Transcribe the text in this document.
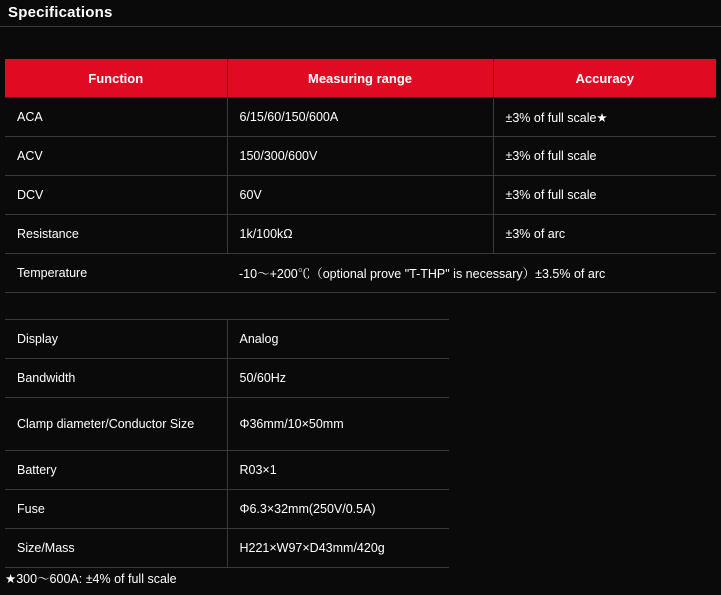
Specifications
Function	Measuring range	Accuracy
ACA	6/15/60/150/600A	±3% of full scale★
ACV	150/300/600V	±3% of full scale
DCV	60V	±3% of full scale
Resistance	1k/100kΩ	±3% of arc
Temperature	-10〜+200℃（optional prove "T-THP" is necessary）±3.5% of arc	
Display	Analog
Bandwidth	50/60Hz
Clamp diameter/Conductor Size	Φ36mm/10×50mm
Battery	R03×1
Fuse	Φ6.3×32mm(250V/0.5A)
Size/Mass	H221×W97×D43mm/420g
★300〜600A: ±4% of full scale
